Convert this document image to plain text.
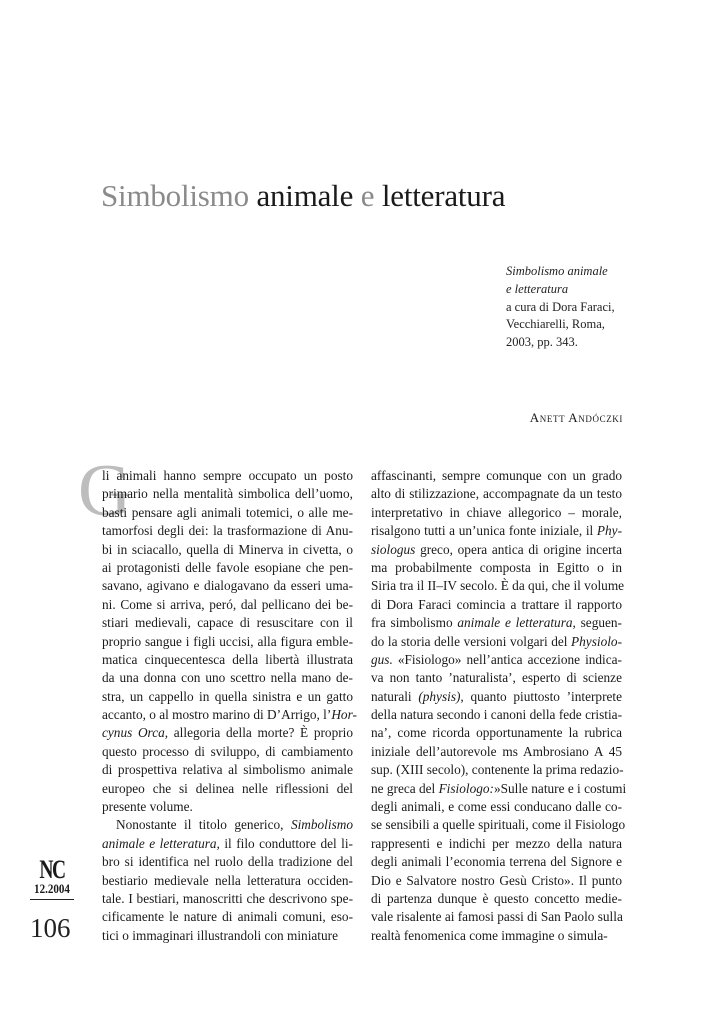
Simbolismo animale e letteratura
Simbolismo animale
e letteratura
a cura di Dora Faraci,
Vecchiarelli, Roma,
2003, pp. 343.
Anett Andóczki
G
li animali hanno sempre occupato un posto
primario nella mentalità simbolica dell’uomo,
basti pensare agli animali totemici, o alle me-
tamorfosi degli dei: la trasformazione di Anu-
bi in sciacallo, quella di Minerva in civetta, o
ai protagonisti delle favole esopiane che pen-
savano, agivano e dialogavano da esseri uma-
ni. Come si arriva, peró, dal pellicano dei be-
stiari medievali, capace di resuscitare con il
proprio sangue i figli uccisi, alla figura emble-
matica cinquecentesca della libertà illustrata
da una donna con uno scettro nella mano de-
stra, un cappello in quella sinistra e un gatto
accanto, o al mostro marino di D’Arrigo, l’Hor-
cynus Orca, allegoria della morte? È proprio
questo processo di sviluppo, di cambiamento
di prospettiva relativa al simbolismo animale
europeo che si delinea nelle riflessioni del
presente volume.
Nonostante il titolo generico, Simbolismo
animale e letteratura, il filo conduttore del li-
bro si identifica nel ruolo della tradizione del
bestiario medievale nella letteratura occiden-
tale. I bestiari, manoscritti che descrivono spe-
cificamente le nature di animali comuni, eso-
tici o immaginari illustrandoli con miniature
affascinanti, sempre comunque con un grado
alto di stilizzazione, accompagnate da un testo
interpretativo in chiave allegorico – morale,
risalgono tutti a un’unica fonte iniziale, il Phy-
siologus greco, opera antica di origine incerta
ma probabilmente composta in Egitto o in
Siria tra il II–IV secolo. È da qui, che il volume
di Dora Faraci comincia a trattare il rapporto
fra simbolismo animale e letteratura, seguen-
do la storia delle versioni volgari del Physiolo-
gus. «Fisiologo» nell’antica accezione indica-
va non tanto ’naturalista’, esperto di scienze
naturali (physis), quanto piuttosto ’interprete
della natura secondo i canoni della fede cristia-
na’, come ricorda opportunamente la rubrica
iniziale dell’autorevole ms Ambrosiano A 45
sup. (XIII secolo), contenente la prima redazio-
ne greca del Fisiologo:»Sulle nature e i costumi
degli animali, e come essi conducano dalle co-
se sensibili a quelle spirituali, come il Fisiologo
rappresenti e indichi per mezzo della natura
degli animali l’economia terrena del Signore e
Dio e Salvatore nostro Gesù Cristo». Il punto
di partenza dunque è questo concetto medie-
vale risalente ai famosi passi di San Paolo sulla
realtà fenomenica come immagine o simula-
NC
12.2004
106
